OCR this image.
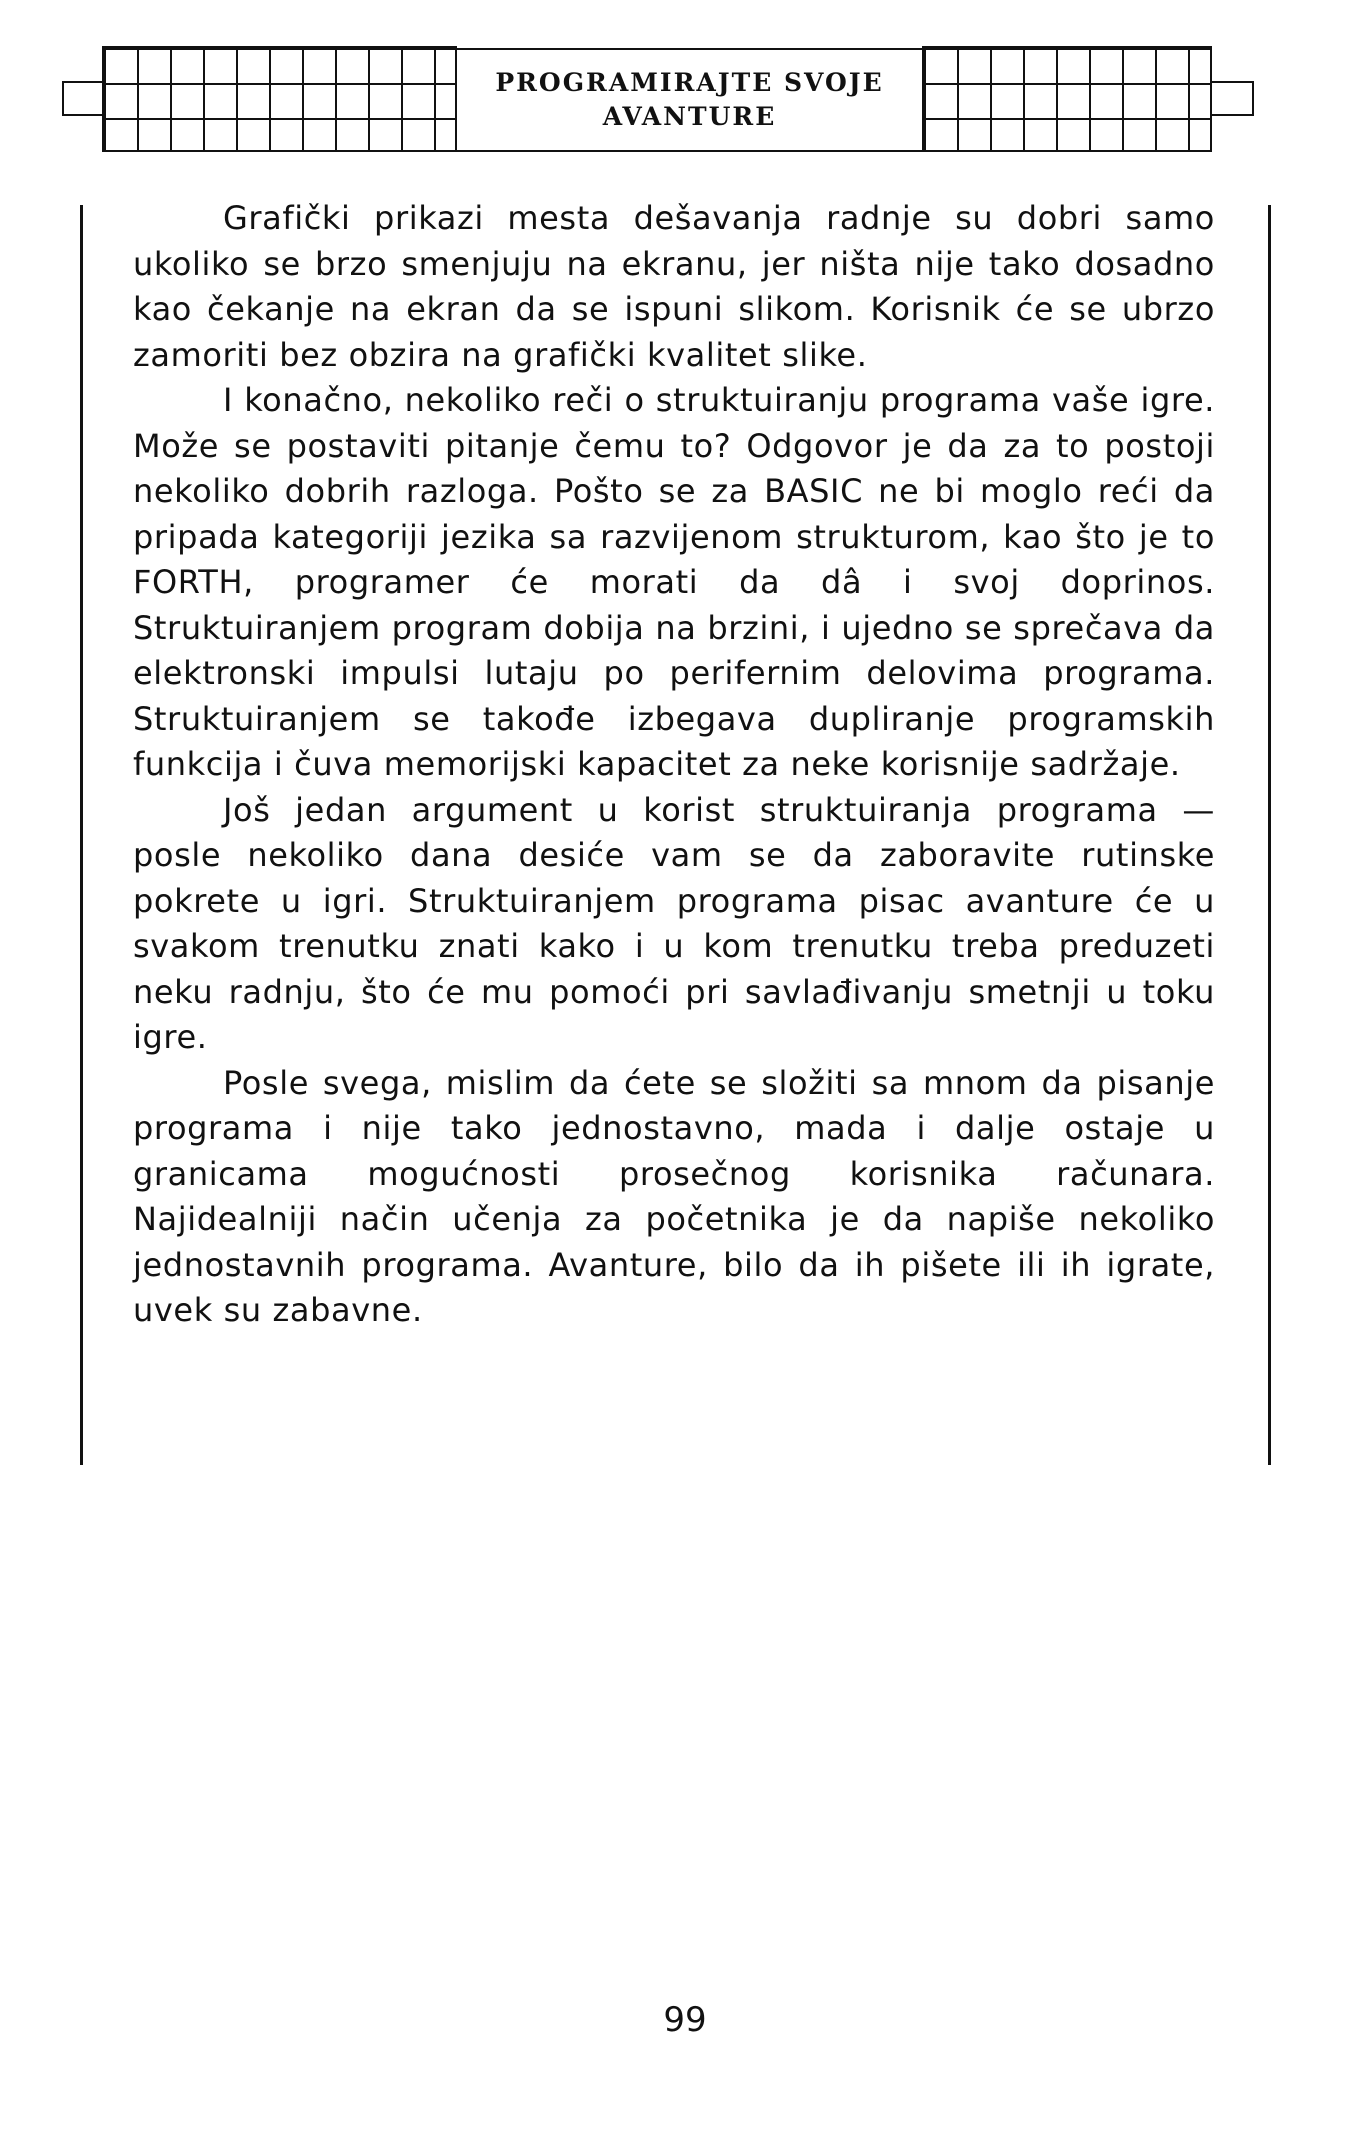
PROGRAMIRAJTE SVOJE
AVANTURE

Grafički prikazi mesta dešavanja radnje su dobri samo ukoliko se brzo smenjuju na ekranu, jer ništa nije tako dosadno kao čekanje na ekran da se ispuni slikom. Korisnik će se ubrzo zamoriti bez obzira na grafički kvalitet slike.

I konačno, nekoliko reči o struktuiranju programa vaše igre. Može se postaviti pitanje čemu to? Odgovor je da za to postoji nekoliko dobrih razloga. Pošto se za BASIC ne bi moglo reći da pripada kategoriji jezika sa razvijenom strukturom, kao što je to FORTH, programer će morati da dâ i svoj doprinos. Struktuiranjem program dobija na brzini, i ujedno se sprečava da elektronski impulsi lutaju po perifernim delovima programa. Struktuiranjem se takođe izbegava dupliranje programskih funkcija i čuva memorijski kapacitet za neke korisnije sadržaje.

Još jedan argument u korist struktuiranja programa — posle nekoliko dana desiće vam se da zaboravite rutinske pokrete u igri. Struktuiranjem programa pisac avanture će u svakom trenutku znati kako i u kom trenutku treba preduzeti neku radnju, što će mu pomoći pri savlađivanju smetnji u toku igre.

Posle svega, mislim da ćete se složiti sa mnom da pisanje programa i nije tako jednostavno, mada i dalje ostaje u granicama mogućnosti prosečnog korisnika računara. Najidealniji način učenja za početnika je da napiše nekoliko jednostavnih programa. Avanture, bilo da ih pišete ili ih igrate, uvek su zabavne.

99
